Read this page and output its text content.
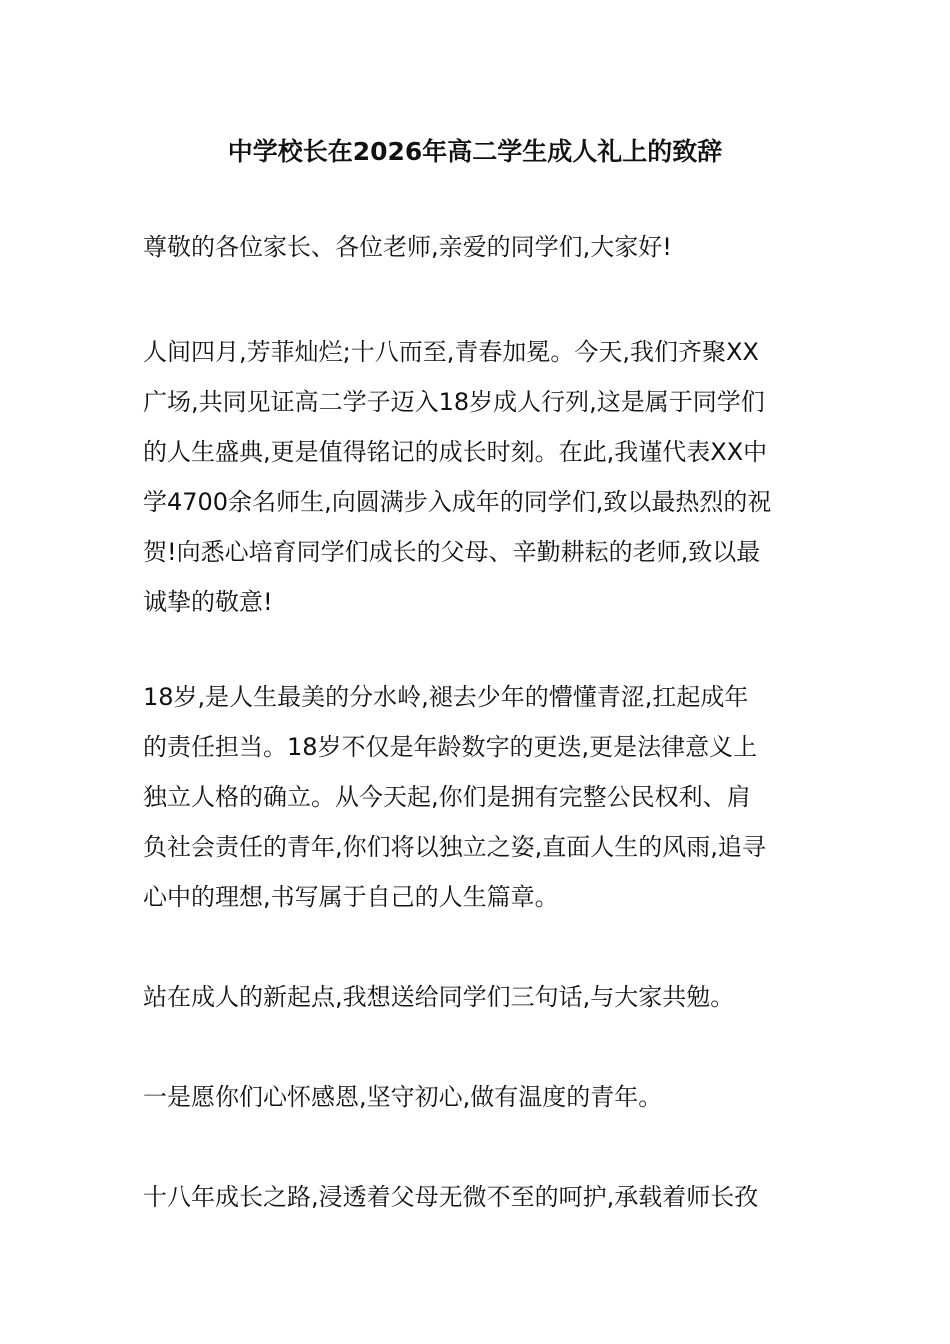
中学校长在2026年高二学生成人礼上的致辞

尊敬的各位家长、各位老师,亲爱的同学们,大家好!

人间四月,芳菲灿烂;十八而至,青春加冕。今天,我们齐聚XX
广场,共同见证高二学子迈入18岁成人行列,这是属于同学们
的人生盛典,更是值得铭记的成长时刻。在此,我谨代表XX中
学4700余名师生,向圆满步入成年的同学们,致以最热烈的祝
贺!向悉心培育同学们成长的父母、辛勤耕耘的老师,致以最
诚挚的敬意!

18岁,是人生最美的分水岭,褪去少年的懵懂青涩,扛起成年
的责任担当。18岁不仅是年龄数字的更迭,更是法律意义上
独立人格的确立。从今天起,你们是拥有完整公民权利、肩
负社会责任的青年,你们将以独立之姿,直面人生的风雨,追寻
心中的理想,书写属于自己的人生篇章。

站在成人的新起点,我想送给同学们三句话,与大家共勉。

一是愿你们心怀感恩,坚守初心,做有温度的青年。

十八年成长之路,浸透着父母无微不至的呵护,承载着师长孜
